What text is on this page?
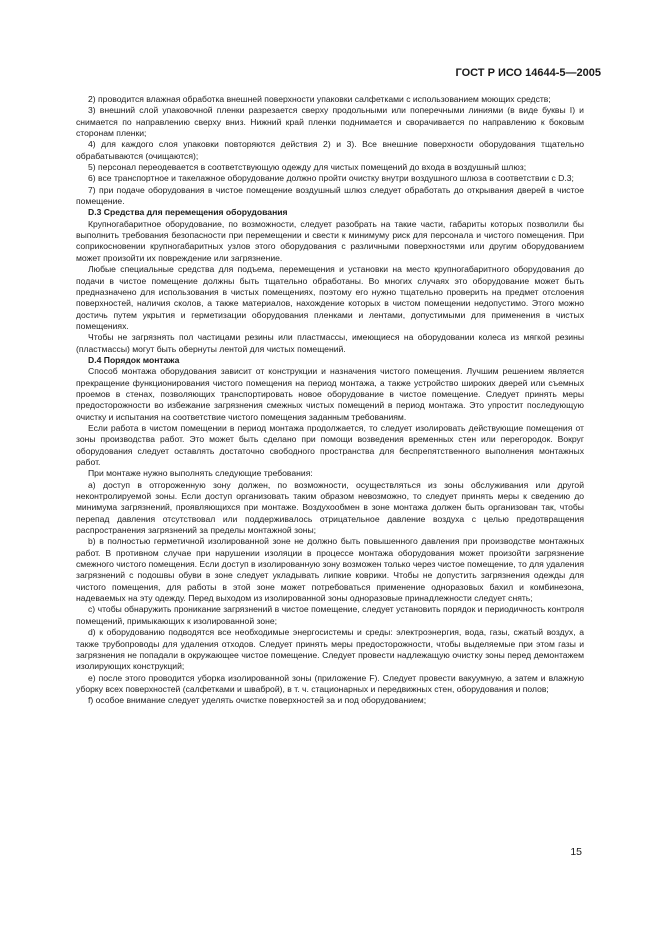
ГОСТ Р ИСО 14644-5—2005

2) проводится влажная обработка внешней поверхности упаковки салфетками с использованием моющих средств;

3) внешний слой упаковочной пленки разрезается сверху продольными или поперечными линиями (в виде буквы I) и снимается по направлению сверху вниз. Нижний край пленки поднимается и сворачивается по направлению к боковым сторонам пленки;

4) для каждого слоя упаковки повторяются действия 2) и 3). Все внешние поверхности оборудования тщательно обрабатываются (очищаются);

5) персонал переодевается в соответствующую одежду для чистых помещений до входа в воздушный шлюз;

6) все транспортное и такелажное оборудование должно пройти очистку внутри воздушного шлюза в соответствии с D.3;

7) при подаче оборудования в чистое помещение воздушный шлюз следует обработать до открывания дверей в чистое помещение.

D.3 Средства для перемещения оборудования

Крупногабаритное оборудование, по возможности, следует разобрать на такие части, габариты которых позволили бы выполнить требования безопасности при перемещении и свести к минимуму риск для персонала и чистого помещения. При соприкосновении крупногабаритных узлов этого оборудования с различными поверхностями или другим оборудованием может произойти их повреждение или загрязнение.

Любые специальные средства для подъема, перемещения и установки на место крупногабаритного оборудования до подачи в чистое помещение должны быть тщательно обработаны. Во многих случаях это оборудование может быть предназначено для использования в чистых помещениях, поэтому его нужно тщательно проверить на предмет отслоения поверхностей, наличия сколов, а также материалов, нахождение которых в чистом помещении недопустимо. Этого можно достичь путем укрытия и герметизации оборудования пленками и лентами, допустимыми для применения в чистых помещениях.

Чтобы не загрязнять пол частицами резины или пластмассы, имеющиеся на оборудовании колеса из мягкой резины (пластмассы) могут быть обернуты лентой для чистых помещений.

D.4 Порядок монтажа

Способ монтажа оборудования зависит от конструкции и назначения чистого помещения. Лучшим решением является прекращение функционирования чистого помещения на период монтажа, а также устройство широких дверей или съемных проемов в стенах, позволяющих транспортировать новое оборудование в чистое помещение. Следует принять меры предосторожности во избежание загрязнения смежных чистых помещений в период монтажа. Это упростит последующую очистку и испытания на соответствие чистого помещения заданным требованиям.

Если работа в чистом помещении в период монтажа продолжается, то следует изолировать действующие помещения от зоны производства работ. Это может быть сделано при помощи возведения временных стен или перегородок. Вокруг оборудования следует оставлять достаточно свободного пространства для беспрепятственного выполнения монтажных работ.

При монтаже нужно выполнять следующие требования:

а) доступ в отгороженную зону должен, по возможности, осуществляться из зоны обслуживания или другой неконтролируемой зоны. Если доступ организовать таким образом невозможно, то следует принять меры к сведению до минимума загрязнений, проявляющихся при монтаже. Воздухообмен в зоне монтажа должен быть организован так, чтобы перепад давления отсутствовал или поддерживалось отрицательное давление воздуха с целью предотвращения распространения загрязнений за пределы монтажной зоны;

b) в полностью герметичной изолированной зоне не должно быть повышенного давления при производстве монтажных работ. В противном случае при нарушении изоляции в процессе монтажа оборудования может произойти загрязнение смежного чистого помещения. Если доступ в изолированную зону возможен только через чистое помещение, то для удаления загрязнений с подошвы обуви в зоне следует укладывать липкие коврики. Чтобы не допустить загрязнения одежды для чистого помещения, для работы в этой зоне может потребоваться применение одноразовых бахил и комбинезона, надеваемых на эту одежду. Перед выходом из изолированной зоны одноразовые принадлежности следует снять;

с) чтобы обнаружить проникание загрязнений в чистое помещение, следует установить порядок и периодичность контроля помещений, примыкающих к изолированной зоне;

d) к оборудованию подводятся все необходимые энергосистемы и среды: электроэнергия, вода, газы, сжатый воздух, а также трубопроводы для удаления отходов. Следует принять меры предосторожности, чтобы выделяемые при этом газы и загрязнения не попадали в окружающее чистое помещение. Следует провести надлежащую очистку зоны перед демонтажем изолирующих конструкций;

e) после этого проводится уборка изолированной зоны (приложение F). Следует провести вакуумную, а затем и влажную уборку всех поверхностей (салфетками и шваброй), в т. ч. стационарных и передвижных стен, оборудования и полов;

f) особое внимание следует уделять очистке поверхностей за и под оборудованием;

15
